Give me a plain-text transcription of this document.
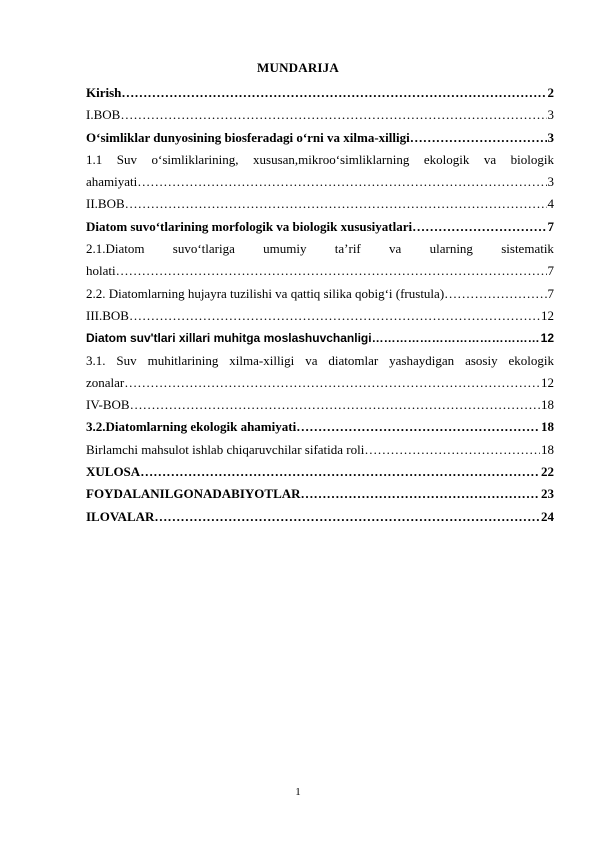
MUNDARIJA
Kirish ……………………………………………………………………………………………………………………………………	2
I.BOB ……………………………………………………………………………………………………………………………………	3
O‘simliklar dunyosining biosferadagi o‘rni va xilma-xilligi ……………………………………………………………………………………………………………………………………	3
1.1 Suv o‘simliklarining, xususan,mikroo‘simliklarning ekologik va biologik
ahamiyati ……………………………………………………………………………………………………………………………………	3
II.BOB ……………………………………………………………………………………………………………………………………	4
Diatom suvo‘tlarining morfologik va biologik xususiyatlari ……………………………………………………………………………………………………………………………………	7
2.1.Diatom suvo‘tlariga umumiy ta’rif va ularning sistematik
holati ……………………………………………………………………………………………………………………………………	7
2.2. Diatomlarning hujayra tuzilishi va qattiq silika qobig‘i (frustula) ……………………………………………………………………………………………………………………………………	7
III.BOB ……………………………………………………………………………………………………………………………………	12
Diatom suv'tlari xillari muhitga moslashuvchanligi ……………………………………………………………………………………………………………………………………	12
3.1. Suv muhitlarining xilma-xilligi va diatomlar yashaydigan asosiy ekologik
zonalar ……………………………………………………………………………………………………………………………………	12
IV-BOB ……………………………………………………………………………………………………………………………………	18
3.2.Diatomlarning ekologik ahamiyati ……………………………………………………………………………………………………………………………………	18
Birlamchi mahsulot ishlab chiqaruvchilar sifatida roli ……………………………………………………………………………………………………………………………………	18
XULOSA ……………………………………………………………………………………………………………………………………	22
FOYDALANILGONADABIYOTLAR ……………………………………………………………………………………………………………………………………	23
ILOVALAR ……………………………………………………………………………………………………………………………………	24
1
